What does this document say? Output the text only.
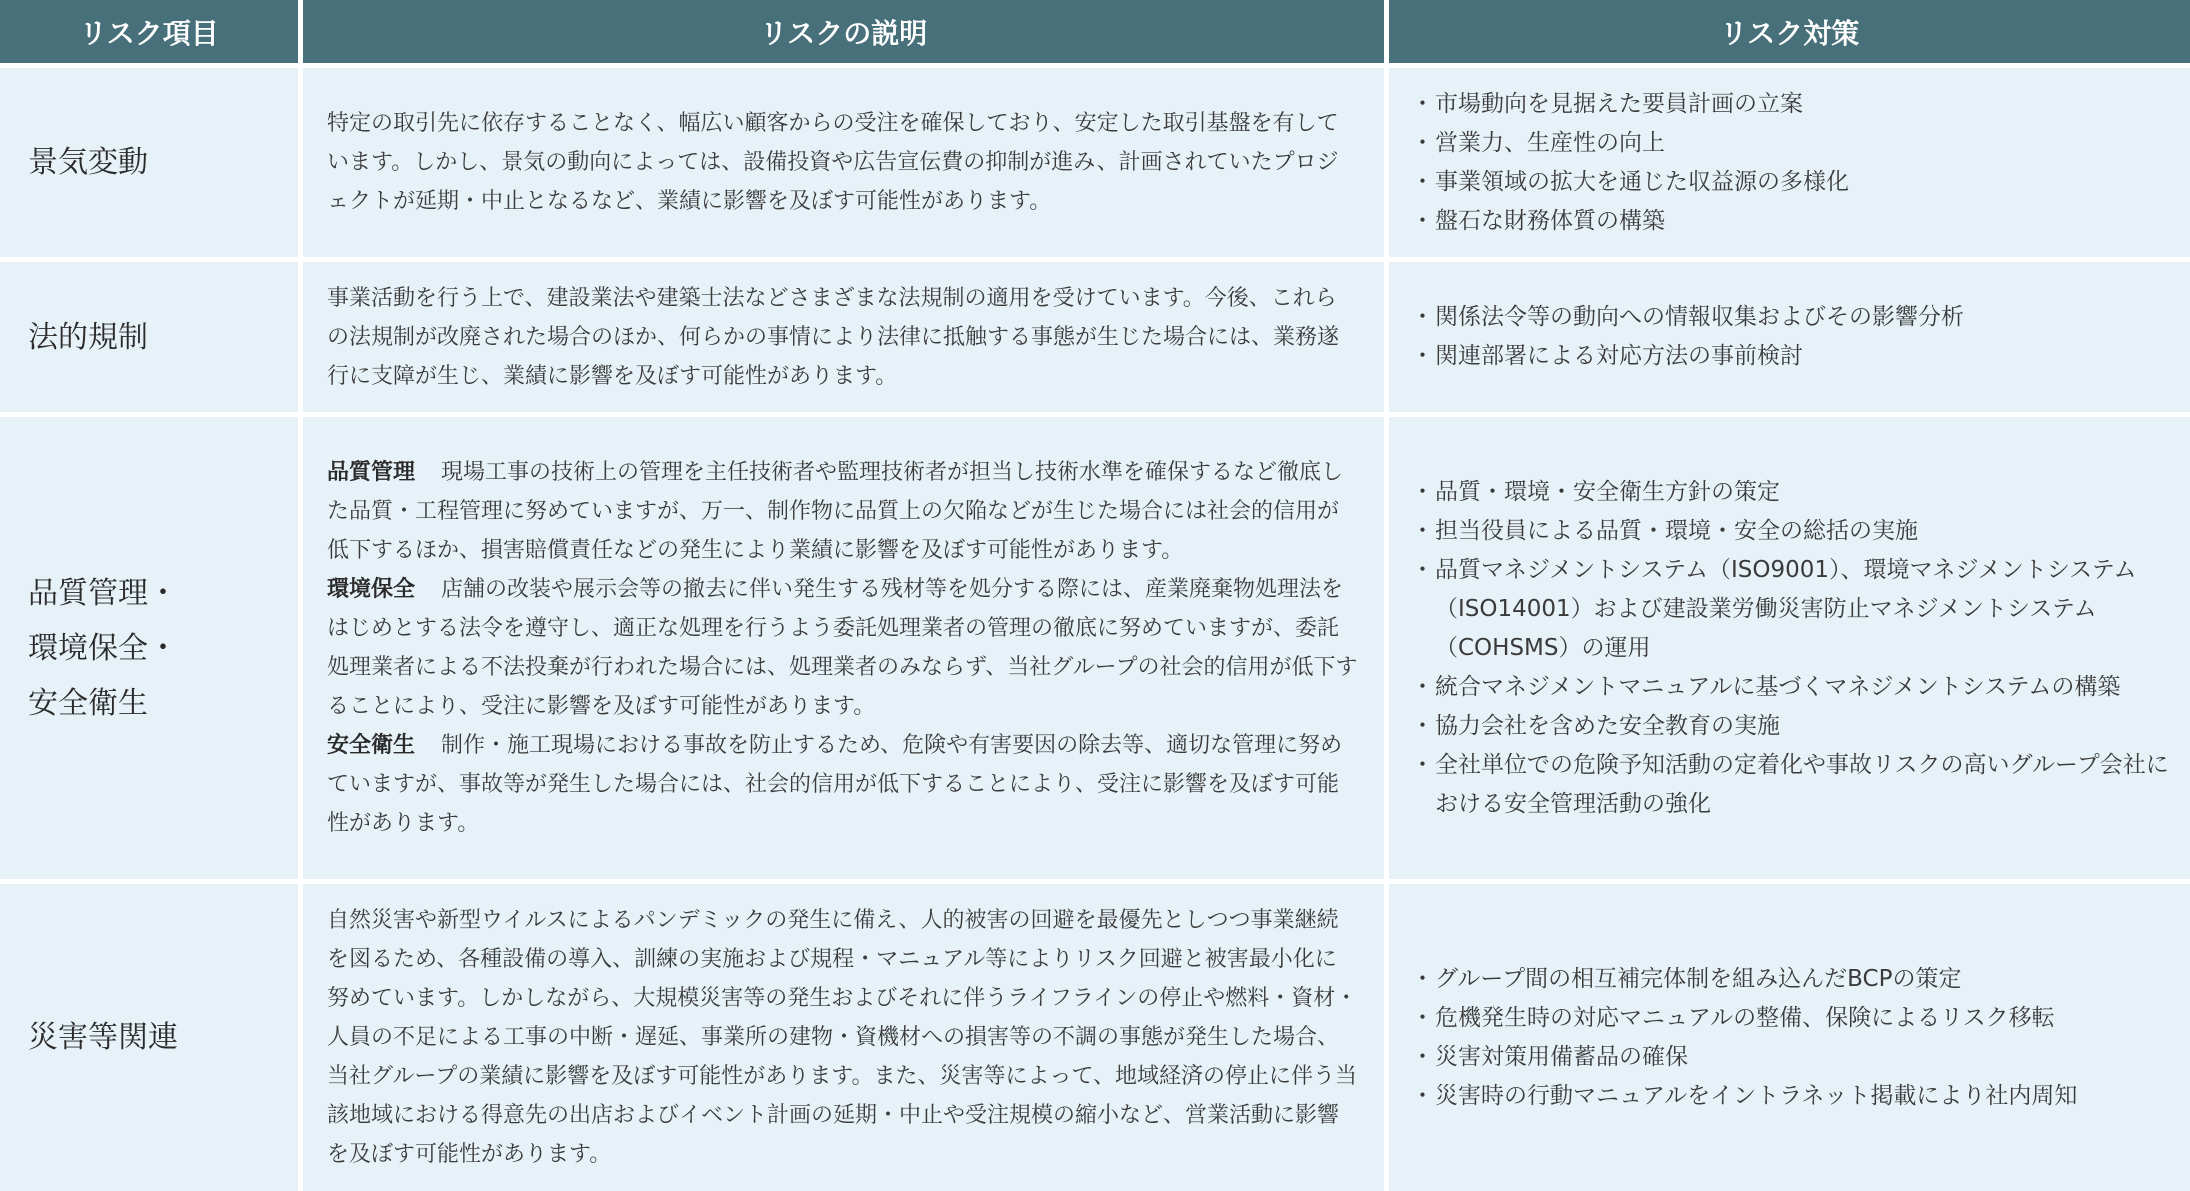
リスク項目	リスクの説明	リスク対策
景気変動

特定の取引先に依存することなく、幅広い顧客からの受注を確保しており、安定した取引基盤を有しています。しかし、景気の動向によっては、設備投資や広告宣伝費の抑制が進み、計画されていたプロジェクトが延期・中止となるなど、業績に影響を及ぼす可能性があります。

・ 市場動向を見据えた要員計画の立案
・ 営業力、生産性の向上
・ 事業領域の拡大を通じた収益源の多様化
・ 盤石な財務体質の構築
法的規制

事業活動を行う上で、建設業法や建築士法などさまざまな法規制の適用を受けています。今後、これらの法規制が改廃された場合のほか、何らかの事情により法律に抵触する事態が生じた場合には、業務遂行に支障が生じ、業績に影響を及ぼす可能性があります。

・ 関係法令等の動向への情報収集およびその影響分析
・ 関連部署による対応方法の事前検討
品質管理・
環境保全・
安全衛生

品質管理 現場工事の技術上の管理を主任技術者や監理技術者が担当し技術水準を確保するなど徹底した品質・工程管理に努めていますが、万一、制作物に品質上の欠陥などが生じた場合には社会的信用が低下するほか、損害賠償責任などの発生により業績に影響を及ぼす可能性があります。

環境保全 店舗の改装や展示会等の撤去に伴い発生する残材等を処分する際には、産業廃棄物処理法をはじめとする法令を遵守し、適正な処理を行うよう委託処理業者の管理の徹底に努めていますが、委託処理業者による不法投棄が行われた場合には、処理業者のみならず、当社グループの社会的信用が低下することにより、受注に影響を及ぼす可能性があります。

安全衛生 制作・施工現場における事故を防止するため、危険や有害要因の除去等、適切な管理に努めていますが、事故等が発生した場合には、社会的信用が低下することにより、受注に影響を及ぼす可能性があります。

・ 品質・環境・安全衛生方針の策定
・ 担当役員による品質・環境・安全の総括の実施
・ 品質マネジメントシステム（ISO9001）、環境マネジメントシステム（ISO14001）および建設業労働災害防止マネジメントシステム（COHSMS）の運用
・ 統合マネジメントマニュアルに基づくマネジメントシステムの構築
・ 協力会社を含めた安全教育の実施
・ 全社単位での危険予知活動の定着化や事故リスクの高いグループ会社における安全管理活動の強化
災害等関連

自然災害や新型ウイルスによるパンデミックの発生に備え、人的被害の回避を最優先としつつ事業継続を図るため、各種設備の導入、訓練の実施および規程・マニュアル等によりリスク回避と被害最小化に努めています。しかしながら、大規模災害等の発生およびそれに伴うライフラインの停止や燃料・資材・人員の不足による工事の中断・遅延、事業所の建物・資機材への損害等の不調の事態が発生した場合、当社グループの業績に影響を及ぼす可能性があります。また、災害等によって、地域経済の停止に伴う当該地域における得意先の出店およびイベント計画の延期・中止や受注規模の縮小など、営業活動に影響を及ぼす可能性があります。

・ グループ間の相互補完体制を組み込んだBCPの策定
・ 危機発生時の対応マニュアルの整備、保険によるリスク移転
・ 災害対策用備蓄品の確保
・ 災害時の行動マニュアルをイントラネット掲載により社内周知
